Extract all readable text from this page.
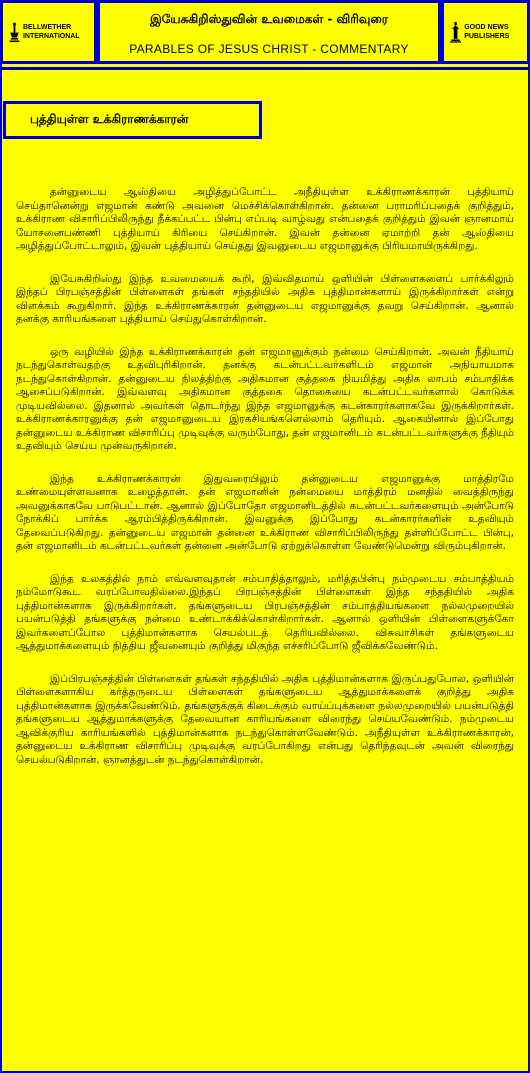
BELLWETHER INTERNATIONAL
இயேசுகிறிஸ்துவின் உவமைகள் - விரிவுரை
PARABLES OF JESUS CHRIST - COMMENTARY
GOOD NEWS PUBLISHERS
புத்தியுள்ள உக்கிராணக்காரன்

தன்னுடைய ஆஸ்தியை அழித்துப்போட்ட அநீதியுள்ள உக்கிராணக்காரன் புத்தியாய் செய்தானென்று எஜமான் கண்டு அவனை மெச்சிக்கொள்கிறான். தன்னை பராமரிப்பதைக் குறித்தும், உக்கிராண விசாரிப்பிலிருந்து நீக்கப்பட்ட பின்பு எப்படி வாழ்வது என்பதைக் குறித்தும் இவன் ஞானமாய் யோசனைபண்ணி புத்தியாய் கிரியை செய்கிறான். இவன் தன்னை ஏமாற்றி தன் ஆஸ்தியை அழித்துப்போட்டாலும், இவன் புத்தியாய் செய்தது இவனுடைய எஜமானுக்கு பிரியமாயிருக்கிறது.

இயேசுகிறிஸ்து இந்த உவமையைக் கூறி, இவ்விதமாய் ஒளியின் பிள்ளைகளைப் பார்க்கிலும் இந்தப் பிரபஞ்சத்தின் பிள்ளைகள் தங்கள் சந்ததியில் அதிக புத்திமான்களாய் இருக்கிறார்கள் என்று விளக்கம் கூறுகிறார். இந்த உக்கிராணக்காரன் தன்னுடைய எஜமானுக்கு தவறு செய்கிறான். ஆனால் தனக்கு காரியங்களை புத்தியாய் செய்துகொள்கிறான்.

ஒரு வழியில் இந்த உக்கிராணக்காரன் தன் எஜமானுக்கும் நன்மை செய்கிறான். அவன் நீதியாய் நடந்துகொள்வதற்கு உதவிபுரிகிறான். தனக்கு கடன்பட்டவர்களிடம் எஜமான் அநியாயமாக நடந்துகொள்கிறான். தன்னுடைய நிலத்திற்கு அதிகமான குத்தகை நியமித்து அதிக லாபம் சம்பாதிக்க ஆசைப்படுகிறான். இவ்வளவு அதிகமான குத்தகை தொகையை கடன்பட்டவர்களால் கொடுக்க முடியவில்லை. இதனால் அவர்கள் தொடர்ந்து இந்த எஜமானுக்கு கடன்காரர்களாகவே இருக்கிறார்கள். உக்கிராணக்காரனுக்கு தன் எஜமானுடைய இரகசியங்களெல்லாம் தெரியும். ஆகையினால் இப்போது தன்னுடைய உக்கிராண விசாரிப்பு முடிவுக்கு வரும்போது, தன் எஜமானிடம் கடன்பட்டவர்களுக்கு நீதியும் உதவியும் செய்ய முன்வருகிறான்.

இந்த உக்கிராணக்காரன் இதுவரையிலும் தன்னுடைய எஜமானுக்கு மாத்திரமே உண்மையுள்ளவனாக உழைத்தான். தன் எஜமானின் நன்மையை மாத்திரம் மனதில் வைத்திருந்து அவனுக்காகவே பாடுபட்டான். ஆனால் இப்போதோ எஜமானிடத்தில் கடன்பட்டவர்களையும் அன்போடு நோக்கிப் பார்க்க ஆரம்பித்திருக்கிறான். இவனுக்கு இப்போது கடன்காரர்களின் உதவியும் தேவைப்படுகிறது. தன்னுடைய எஜமான் தன்னை உக்கிராண விசாரிப்பிலிருந்து தள்ளிப்போட்ட பின்பு, தன் எஜமானிடம் கடன்பட்டவர்கள் தன்னை அன்போடு ஏற்றுக்கொள்ள வேண்டுமென்று விரும்புகிறான்.

இந்த உலகத்தில் நாம் எவ்வளவுதான் சம்பாதித்தாலும், மரித்தபின்பு நம்முடைய சம்பாத்தியம் நம்மோடுகூட வரப்போவதில்லை.இந்தப் பிரபஞ்சத்தின் பிள்ளைகள் இந்த சந்ததியில் அதிக புத்திமான்களாக இருக்கிறார்கள். தங்களுடைய பிரபஞ்சத்தின் சம்பாத்தியங்களை நல்லமுறையில் பயன்படுத்தி தங்களுக்கு நன்மை உண்டாக்கிக்கொள்கிறார்கள். ஆனால் ஒளியின் பிள்ளைகளுக்கோ இவர்களைப்போல புத்திமான்களாக செயல்படத் தெரியவில்லை. விசுவாசிகள் தங்களுடைய ஆத்துமாக்களையும் நித்திய ஜீவனையும் குறித்து மிகுந்த எச்சரிப்போடு ஜீவிக்கவேண்டும்.

இப்பிரபஞ்சத்தின் பிள்ளைகள் தங்கள் சந்ததியில் அதிக புத்திமான்களாக இருப்பதுபோல, ஒளியின் பிள்ளைகளாகிய கர்த்தருடைய பிள்ளைகள் தங்களுடைய ஆத்துமாக்களைக் குறித்து அதிக புத்திமான்களாக இருக்கவேண்டும். தங்களுக்குக் கிடைக்கும் வாய்ப்புக்களை நல்லமுறையில் பயன்படுத்தி தங்களுடைய ஆத்துமாக்களுக்கு தேவையான காரியங்களை விரைந்து செய்யவேண்டும். நம்முடைய ஆவிக்குரிய காரியங்களில் புத்திமான்களாக நடந்துகொள்ளவேண்டும். அநீதியுள்ள உக்கிராணக்காரன், தன்னுடைய உக்கிராண விசாரிப்பு முடிவுக்கு வரப்போகிறது என்பது தெரிந்தவுடன் அவன் விரைந்து செயல்படுகிறான். ஞானத்துடன் நடந்துகொள்கிறான்.
